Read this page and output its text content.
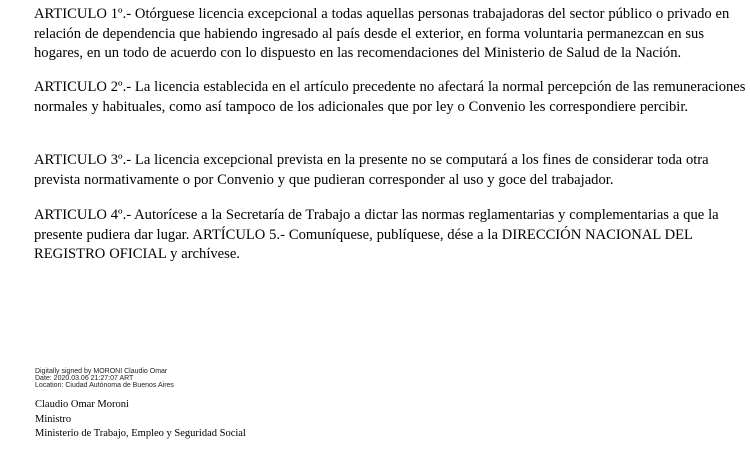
ARTICULO 1º.- Otórguese licencia excepcional a todas aquellas personas trabajadoras del sector público o privado en relación de dependencia que habiendo ingresado al país desde el exterior, en forma voluntaria permanezcan en sus hogares, en un todo de acuerdo con lo dispuesto en las recomendaciones del Ministerio de Salud de la Nación.

ARTICULO 2º.- La licencia establecida en el artículo precedente no afectará la normal percepción de las remuneraciones normales y habituales, como así tampoco de los adicionales que por ley o Convenio les correspondiere percibir.

ARTICULO 3º.- La licencia excepcional prevista en la presente no se computará a los fines de considerar toda otra prevista normativamente o por Convenio y que pudieran corresponder al uso y goce del trabajador.

ARTICULO 4º.- Autorícese a la Secretaría de Trabajo a dictar las normas reglamentarias y complementarias a que la presente pudiera dar lugar. ARTÍCULO 5.- Comuníquese, publíquese, dése a la DIRECCIÓN NACIONAL DEL REGISTRO OFICIAL y archívese.

Digitally signed by MORONI Claudio Omar
Date: 2020.03.06 21:27:07 ART
Location: Ciudad Autónoma de Buenos Aires
Claudio Omar Moroni
Ministro
Ministerio de Trabajo, Empleo y Seguridad Social
